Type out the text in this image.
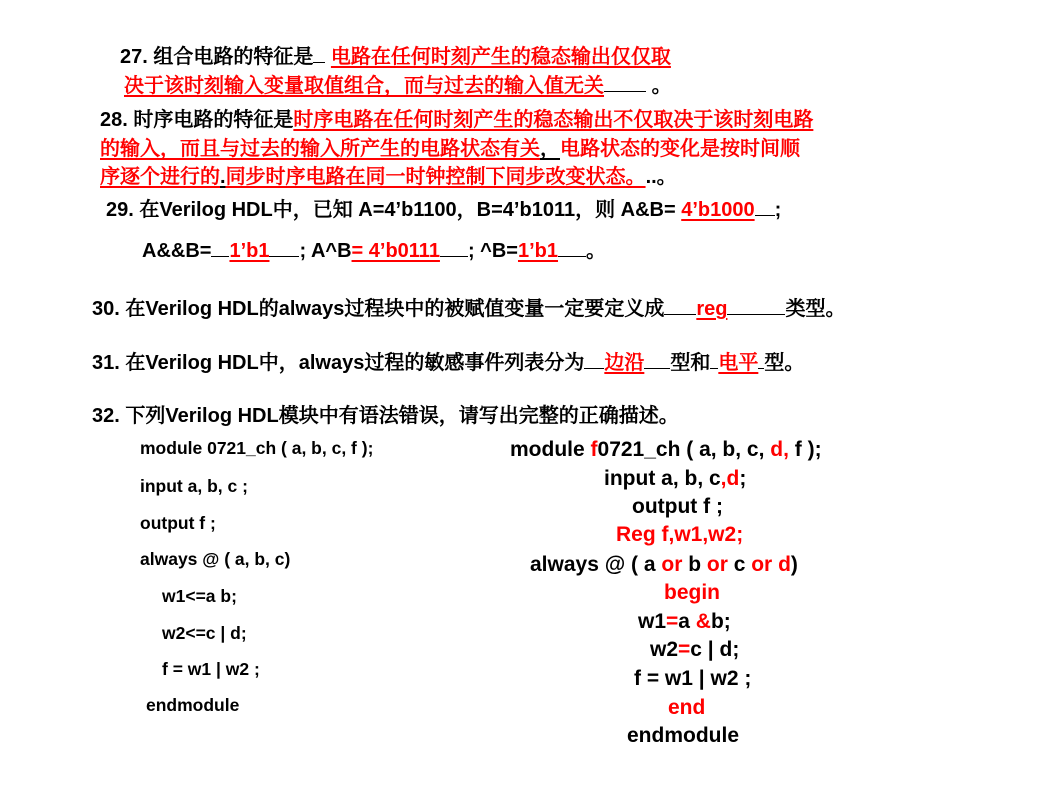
27. 组合电路的特征是 电路在任何时刻产生的稳态输出仅仅取
决于该时刻输入变量取值组合，而与过去的输入值无关 。
28. 时序电路的特征是时序电路在任何时刻产生的稳态输出不仅取决于该时刻电路
的输入，而且与过去的输入所产生的电路状态有关，电路状态的变化是按时间顺
序逐个进行的.同步时序电路在同一时钟控制下同步改变状态。..。
29. 在Verilog HDL中，已知 A=4’b1100，B=4’b1011，则 A&B= 4’b1000 ;
A&&B= 1’b1 ; A^B= 4’b0111 ; ^B=1’b1 。
30. 在Verilog HDL的always过程块中的被赋值变量一定要定义成 reg	类型。
31. 在Verilog HDL中，always过程的敏感事件列表分为 边沿 型和 电平 型。
32. 下列Verilog HDL模块中有语法错误，请写出完整的正确描述。
module 0721_ch ( a, b, c, f );
input a, b, c ;
output f ;
always @ ( a, b, c)
w1<=a b;
w2<=c | d;
f = w1 | w2 ;
endmodule
module f0721_ch ( a, b, c, d, f );
input a, b, c,d;
output f ;
Reg f,w1,w2;
always @ ( a or b or c or d)
begin
w1=a &b;
w2=c | d;
f = w1 | w2 ;
end
endmodule
